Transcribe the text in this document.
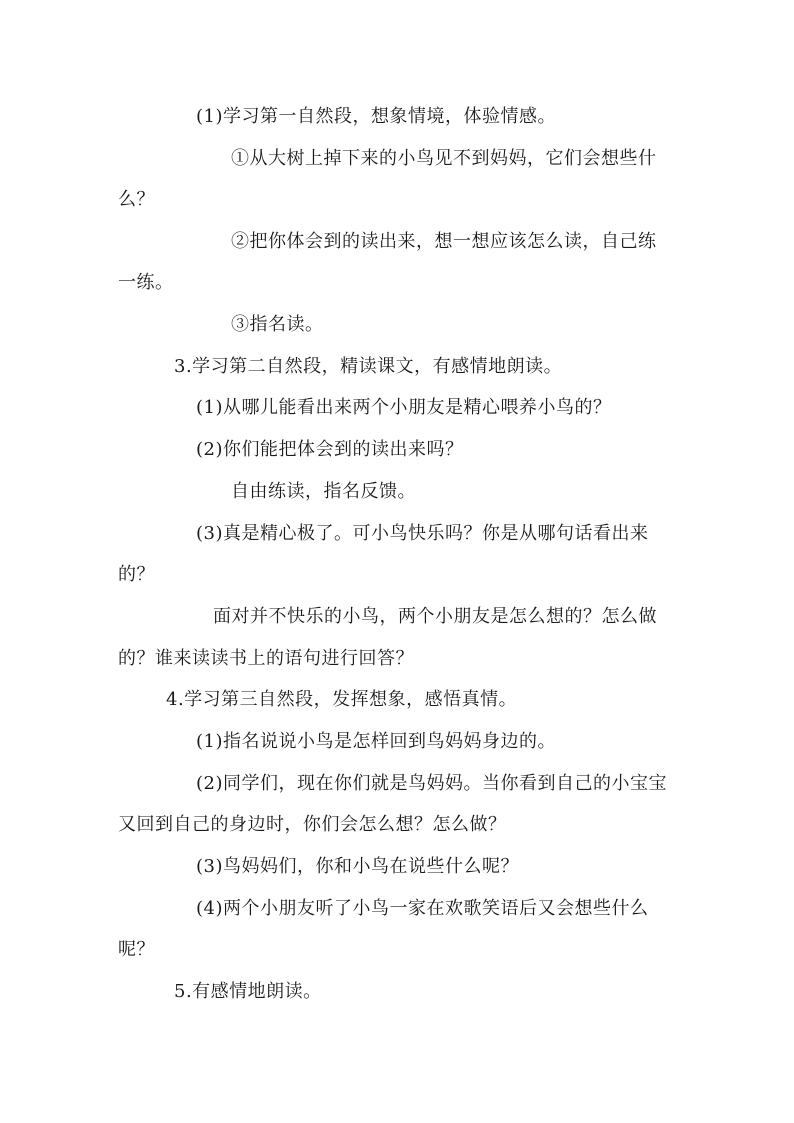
(1)学习第一自然段，想象情境，体验情感。
①从大树上掉下来的小鸟见不到妈妈，它们会想些什
么？
②把你体会到的读出来，想一想应该怎么读，自己练
一练。
③指名读。
3.学习第二自然段，精读课文，有感情地朗读。
(1)从哪儿能看出来两个小朋友是精心喂养小鸟的？
(2)你们能把体会到的读出来吗？
自由练读，指名反馈。
(3)真是精心极了。可小鸟快乐吗？你是从哪句话看出来
的？
面对并不快乐的小鸟，两个小朋友是怎么想的？怎么做
的？谁来读读书上的语句进行回答？
4.学习第三自然段，发挥想象，感悟真情。
(1)指名说说小鸟是怎样回到鸟妈妈身边的。
(2)同学们，现在你们就是鸟妈妈。当你看到自己的小宝宝
又回到自己的身边时，你们会怎么想？怎么做？
(3)鸟妈妈们，你和小鸟在说些什么呢？
(4)两个小朋友听了小鸟一家在欢歌笑语后又会想些什么
呢？
5.有感情地朗读。
